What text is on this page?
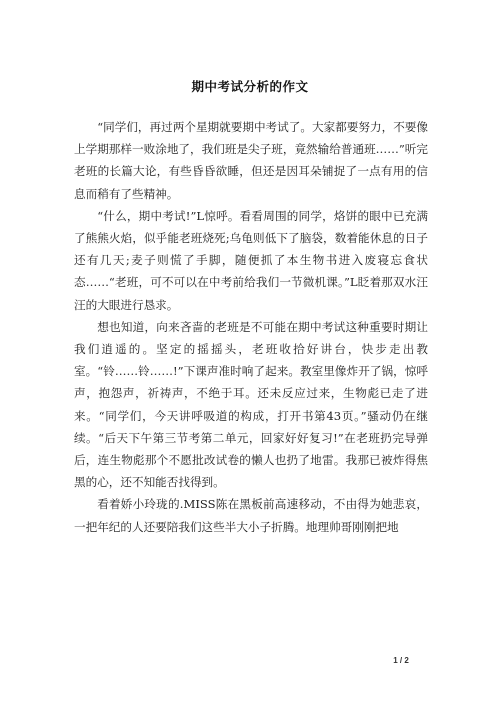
期中考试分析的作文

“同学们，再过两个星期就要期中考试了。大家都要努力，不要像上学期那样一败涂地了，我们班是尖子班，竟然输给普通班……”听完老班的长篇大论，有些昏昏欲睡，但还是因耳朵铺捉了一点有用的信息而稍有了些精神。

“什么，期中考试!”L惊呼。看看周围的同学，烙饼的眼中已充满了熊熊火焰，似乎能老班烧死;乌龟则低下了脑袋，数着能休息的日子还有几天;麦子则慌了手脚，随便抓了本生物书进入废寝忘食状态……“老班，可不可以在中考前给我们一节微机课。”L眨着那双水汪汪的大眼进行恳求。

想也知道，向来吝啬的老班是不可能在期中考试这种重要时期让我们逍遥的。坚定的摇摇头，老班收拾好讲台，快步走出教室。“铃……铃……!”下课声准时响了起来。教室里像炸开了锅，惊呼声，抱怨声，祈祷声，不绝于耳。还未反应过来，生物彪已走了进来。“同学们，今天讲呼吸道的构成，打开书第43页。”骚动仍在继续。“后天下午第三节考第二单元，回家好好复习!”在老班扔完导弹后，连生物彪那个不愿批改试卷的懒人也扔了地雷。我那已被炸得焦黑的心，还不知能否找得到。

看着娇小玲珑的.MISS陈在黑板前高速移动，不由得为她悲哀，一把年纪的人还要陪我们这些半大小子折腾。地理帅哥刚刚把地

1 / 2
